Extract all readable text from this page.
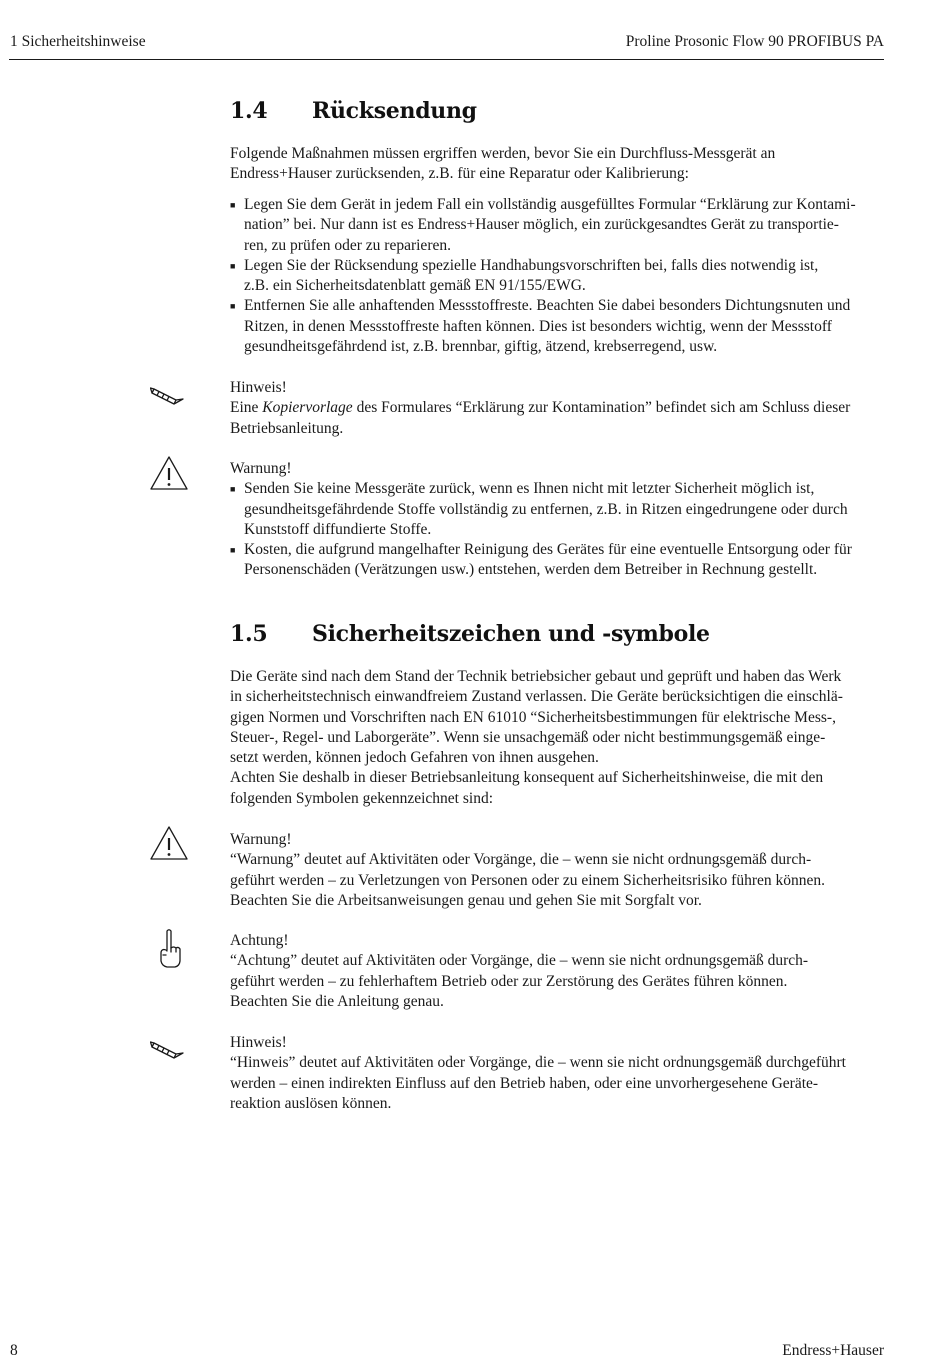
1 Sicherheitshinweise	Proline Prosonic Flow 90 PROFIBUS PA
1.4 Rücksendung

Folgende Maßnahmen müssen ergriffen werden, bevor Sie ein Durchfluss-Messgerät an

Endress+Hauser zurücksenden, z.B. für eine Reparatur oder Kalibrierung:

■ Legen Sie dem Gerät in jedem Fall ein vollständig ausgefülltes Formular “Erklärung zur Kontami-

nation” bei. Nur dann ist es Endress+Hauser möglich, ein zurückgesandtes Gerät zu transportie-

ren, zu prüfen oder zu reparieren.

■ Legen Sie der Rücksendung spezielle Handhabungsvorschriften bei, falls dies notwendig ist,

z.B. ein Sicherheitsdatenblatt gemäß EN 91/155/EWG.

■ Entfernen Sie alle anhaftenden Messstoffreste. Beachten Sie dabei besonders Dichtungsnuten und

Ritzen, in denen Messstoffreste haften können. Dies ist besonders wichtig, wenn der Messstoff

gesundheitsgefährdend ist, z.B. brennbar, giftig, ätzend, krebserregend, usw.

Hinweis!

Eine Kopiervorlage des Formulares “Erklärung zur Kontamination” befindet sich am Schluss dieser

Betriebsanleitung.

Warnung!

■ Senden Sie keine Messgeräte zurück, wenn es Ihnen nicht mit letzter Sicherheit möglich ist,

gesundheitsgefährdende Stoffe vollständig zu entfernen, z.B. in Ritzen eingedrungene oder durch

Kunststoff diffundierte Stoffe.

■ Kosten, die aufgrund mangelhafter Reinigung des Gerätes für eine eventuelle Entsorgung oder für

Personenschäden (Verätzungen usw.) entstehen, werden dem Betreiber in Rechnung gestellt.

1.5 Sicherheitszeichen und -symbole

Die Geräte sind nach dem Stand der Technik betriebsicher gebaut und geprüft und haben das Werk

in sicherheitstechnisch einwandfreiem Zustand verlassen. Die Geräte berücksichtigen die einschlä-

gigen Normen und Vorschriften nach EN 61010 “Sicherheitsbestimmungen für elektrische Mess-,

Steuer-, Regel- und Laborgeräte”. Wenn sie unsachgemäß oder nicht bestimmungsgemäß einge-

setzt werden, können jedoch Gefahren von ihnen ausgehen.

Achten Sie deshalb in dieser Betriebsanleitung konsequent auf Sicherheitshinweise, die mit den

folgenden Symbolen gekennzeichnet sind:

Warnung!

“Warnung” deutet auf Aktivitäten oder Vorgänge, die – wenn sie nicht ordnungsgemäß durch-

geführt werden – zu Verletzungen von Personen oder zu einem Sicherheitsrisiko führen können.

Beachten Sie die Arbeitsanweisungen genau und gehen Sie mit Sorgfalt vor.

Achtung!

“Achtung” deutet auf Aktivitäten oder Vorgänge, die – wenn sie nicht ordnungsgemäß durch-

geführt werden – zu fehlerhaftem Betrieb oder zur Zerstörung des Gerätes führen können.

Beachten Sie die Anleitung genau.

Hinweis!

“Hinweis” deutet auf Aktivitäten oder Vorgänge, die – wenn sie nicht ordnungsgemäß durchgeführt

werden – einen indirekten Einfluss auf den Betrieb haben, oder eine unvorhergesehene Geräte-

reaktion auslösen können.

8	Endress+Hauser
